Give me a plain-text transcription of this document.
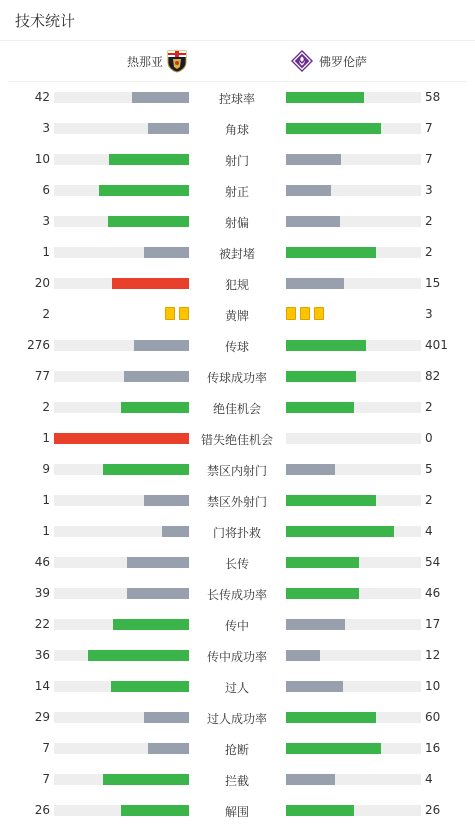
技术统计
热那亚	佛罗伦萨
42	控球率	58
3	角球	7
10	射门	7
6	射正	3
3	射偏	2
1	被封堵	2
20	犯规	15
2	黄牌	3
276	传球	401
77	传球成功率	82
2	绝佳机会	2
1	错失绝佳机会	0
9	禁区内射门	5
1	禁区外射门	2
1	门将扑救	4
46	长传	54
39	长传成功率	46
22	传中	17
36	传中成功率	12
14	过人	10
29	过人成功率	60
7	抢断	16
7	拦截	4
26	解围	26
